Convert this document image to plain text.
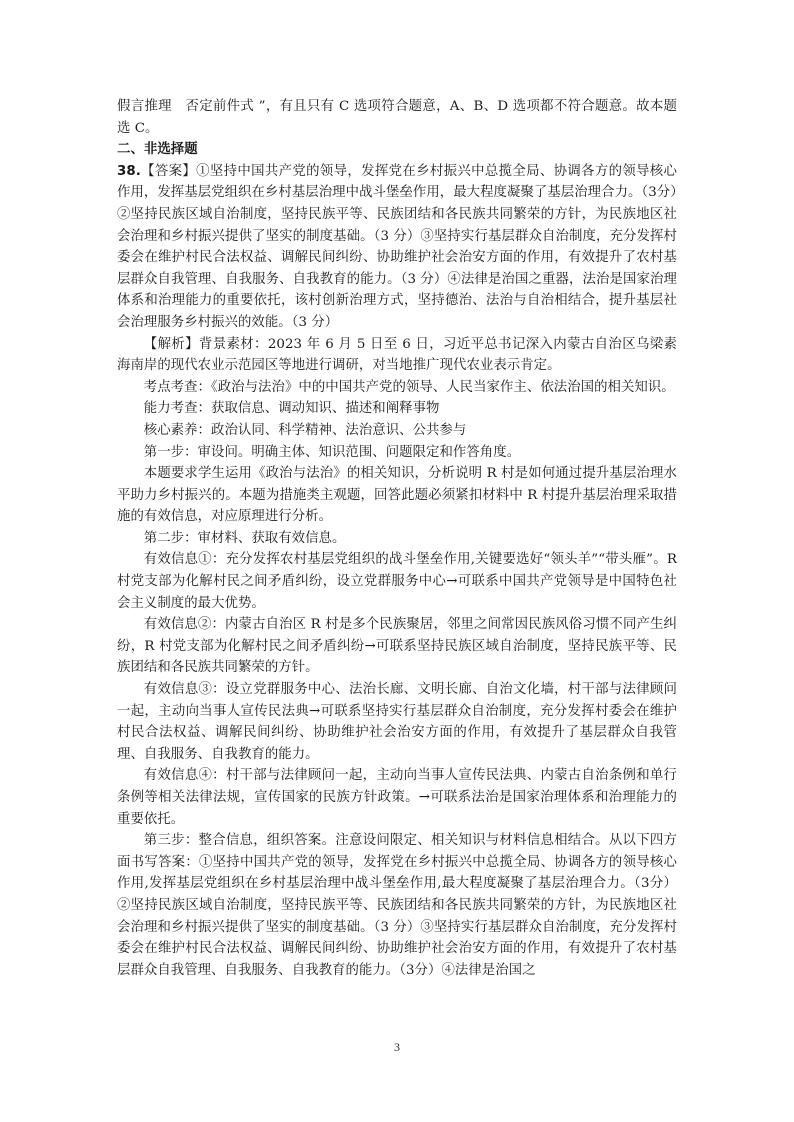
假言推理　否定前件式 ”，有且只有 C 选项符合题意，A、B、D 选项都不符合题意。故本题选 C。

二、非选择题

38.【答案】①坚持中国共产党的领导，发挥党在乡村振兴中总揽全局、协调各方的领导核心作用，发挥基层党组织在乡村基层治理中战斗堡垒作用，最大程度凝聚了基层治理合力。（3分）②坚持民族区域自治制度，坚持民族平等、民族团结和各民族共同繁荣的方针，为民族地区社会治理和乡村振兴提供了坚实的制度基础。（3 分）③坚持实行基层群众自治制度，充分发挥村委会在维护村民合法权益、调解民间纠纷、协助维护社会治安方面的作用，有效提升了农村基层群众自我管理、自我服务、自我教育的能力。（3 分）④法律是治国之重器，法治是国家治理体系和治理能力的重要依托，该村创新治理方式，坚持德治、法治与自治相结合，提升基层社会治理服务乡村振兴的效能。（3 分）

【解析】背景素材：2023 年 6 月 5 日至 6 日，习近平总书记深入内蒙古自治区乌梁素海南岸的现代农业示范园区等地进行调研，对当地推广现代农业表示肯定。

考点考查：《政治与法治》中的中国共产党的领导、人民当家作主、依法治国的相关知识。

能力考查：获取信息、调动知识、描述和阐释事物

核心素养：政治认同、科学精神、法治意识、公共参与

第一步：审设问。明确主体、知识范围、问题限定和作答角度。

本题要求学生运用《政治与法治》的相关知识，分析说明 R 村是如何通过提升基层治理水平助力乡村振兴的。本题为措施类主观题，回答此题必须紧扣材料中 R 村提升基层治理采取措施的有效信息，对应原理进行分析。

第二步：审材料、获取有效信息。

有效信息①：充分发挥农村基层党组织的战斗堡垒作用,关键要选好“领头羊”“带头雁”。R 村党支部为化解村民之间矛盾纠纷，设立党群服务中心→可联系中国共产党领导是中国特色社会主义制度的最大优势。

有效信息②：内蒙古自治区 R 村是多个民族聚居，邻里之间常因民族风俗习惯不同产生纠纷，R 村党支部为化解村民之间矛盾纠纷→可联系坚持民族区域自治制度，坚持民族平等、民族团结和各民族共同繁荣的方针。

有效信息③：设立党群服务中心、法治长廊、文明长廊、自治文化墙，村干部与法律顾问一起，主动向当事人宣传民法典→可联系坚持实行基层群众自治制度，充分发挥村委会在维护村民合法权益、调解民间纠纷、协助维护社会治安方面的作用，有效提升了基层群众自我管理、自我服务、自我教育的能力。

有效信息④：村干部与法律顾问一起，主动向当事人宣传民法典、内蒙古自治条例和单行条例等相关法律法规，宣传国家的民族方针政策。→可联系法治是国家治理体系和治理能力的重要依托。

第三步：整合信息，组织答案。注意设问限定、相关知识与材料信息相结合。从以下四方面书写答案：①坚持中国共产党的领导，发挥党在乡村振兴中总揽全局、协调各方的领导核心作用,发挥基层党组织在乡村基层治理中战斗堡垒作用,最大程度凝聚了基层治理合力。（3分）②坚持民族区域自治制度，坚持民族平等、民族团结和各民族共同繁荣的方针，为民族地区社会治理和乡村振兴提供了坚实的制度基础。（3 分）③坚持实行基层群众自治制度，充分发挥村委会在维护村民合法权益、调解民间纠纷、协助维护社会治安方面的作用，有效提升了农村基层群众自我管理、自我服务、自我教育的能力。（3分）④法律是治国之

3
